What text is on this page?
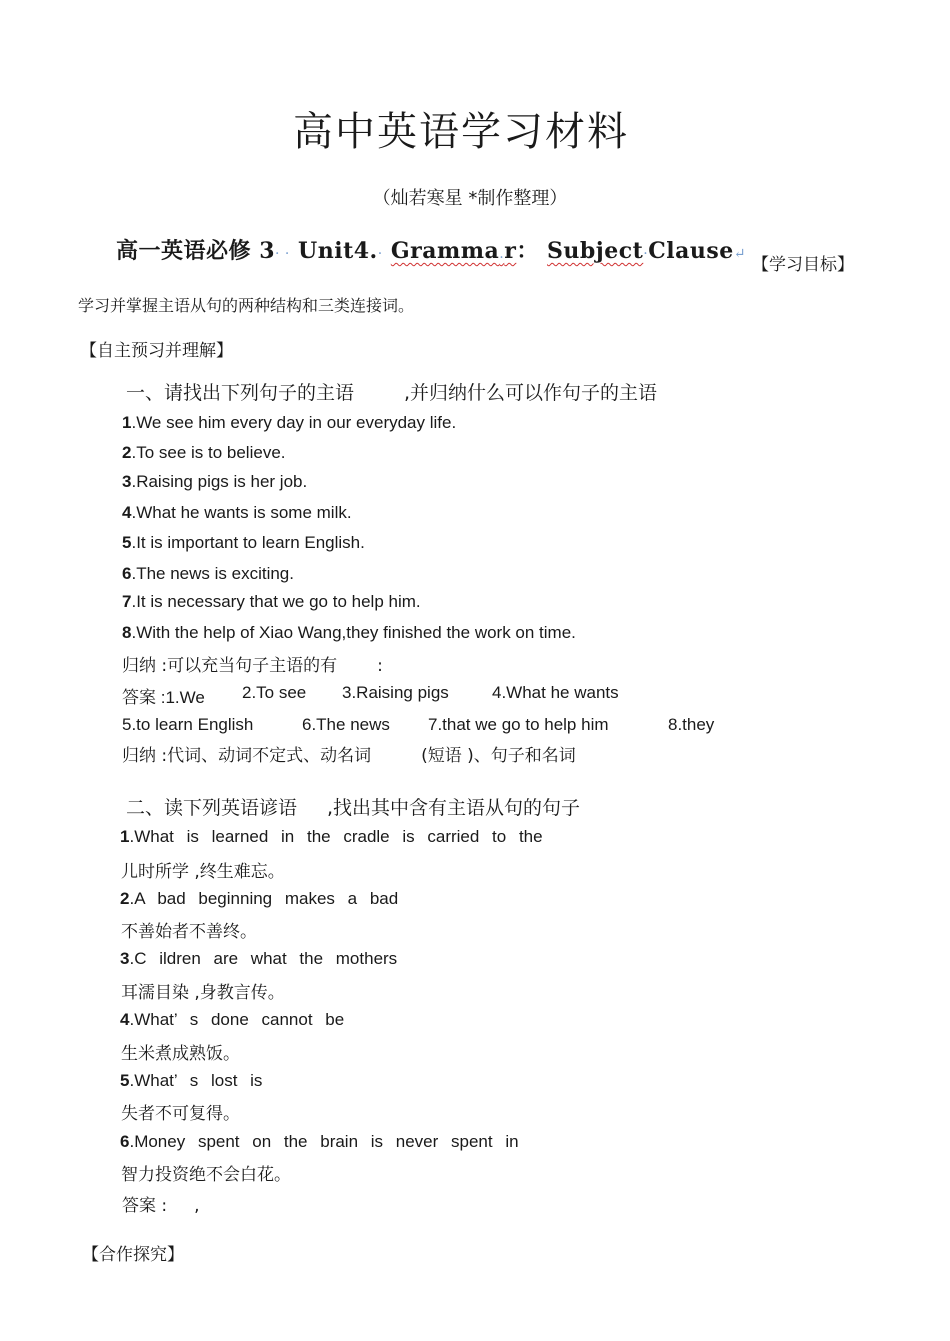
高中英语学习材料
（灿若寒星 *制作整理）
高一英语必修 3· · Unit4.· Gramma.r： Subject·Clause↵
【学习目标】
学习并掌握主语从句的两种结构和三类连接词。
【自主预习并理解】
一、请找出下列句子的主语	,并归纳什么可以作句子的主语
1.We see him every day in our everyday life.
2.To see is to believe.
3.Raising pigs is her job.
4.What he wants is some milk.
5.It is important to learn English.
6.The news is exciting.
7.It is necessary that we go to help him.
8.With the help of Xiao Wang,they finished the work on time.
归纳 :可以充当句子主语的有 :
答案 :1.We 2.To see 3.Raising pigs	4.What he wants
5.to learn English	6.The news 7.that we go to help him	8.they
归纳 :代词、动词不定式、动名词	(短语 )、句子和名词
二、读下列英语谚语 ,找出其中含有主语从句的句子
1.What is learned in the cradle is carried to the
儿时所学 ,终生难忘。
2.A bad beginning makes a bad
不善始者不善终。
3.C ildren are what the mothers
耳濡目染 ,身教言传。
4.What’ s done cannot be
生米煮成熟饭。
5.What’ s lost is
失者不可复得。
6.Money spent on the brain is never spent in
智力投资绝不会白花。
答案 :     ,
【合作探究】
